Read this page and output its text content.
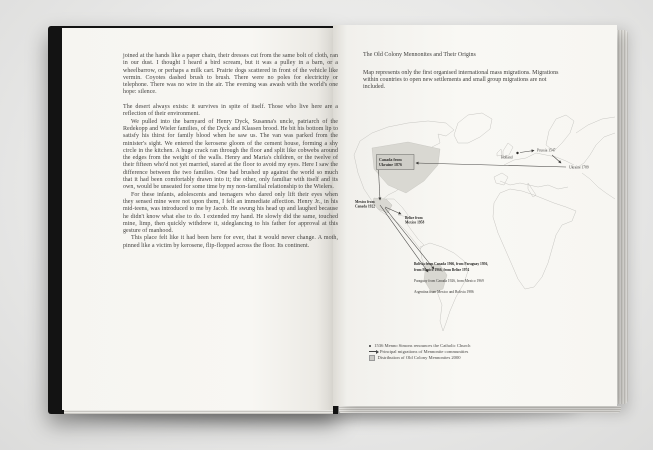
joined at the hands like a paper chain, their dresses cut from the same bolt of cloth, ran in our dust. I thought I heard a bird scream, but it was a pulley in a barn, or a wheelbarrow, or perhaps a milk cart. Prairie dogs scattered in front of the vehicle like vermin. Coyotes dashed brush to brush. There were no poles for electricity or telephone. There was no wire in the air. The evening was awash with the world's one hope: silence.

The desert always exists: it survives in spite of itself. Those who live here are a reflection of their environment.

We pulled into the barnyard of Henry Dyck, Susanna's uncle, patriarch of the Redekopp and Wieler families, of the Dyck and Klassen brood. He bit his bottom lip to satisfy his thirst for family blood when he saw us. The van was parked from the minister's sight. We entered the kerosene gloom of the cement house, forming a shy circle in the kitchen. A huge crack ran through the floor and split like cobwebs around the edges from the weight of the walls. Henry and Maria's children, or the twelve of their fifteen who'd not yet married, stared at the floor to avoid my eyes. Here I saw the difference between the two families. One had brushed up against the world so much that it had been comfortably drawn into it; the other, only familiar with itself and its own, would be unseated for some time by my non-familial relationship to the Wielers.

For these infants, adolescents and teenagers who dared only lift their eyes when they sensed mine were not upon them, I felt an immediate affection. Henry Jr., in his mid-teens, was introduced to me by Jacob. He swung his head up and laughed because he didn't know what else to do. I extended my hand. He slowly did the same, touched mine, limp, then quickly withdrew it, sideglancing to his father for approval at this gesture of manhood.

This place felt like it had been here for ever, that it would never change. A moth, pinned like a victim by kerosene, flip-flopped across the floor. Its continent.

The Old Colony Mennonites and Their Origins
Map represents only the first organised international mass migrations. Migrations within countries to open new settlements and small group migrations are not included.
Canada from
Ukraine 1876
Holland
Prussia 1547
Ukraine 1789
Mexico from
Canada 1922
Belize from
Mexico 1958
Bolivia from Canada 1966, from Paraguay 1956,
from Mexico 1966, from Belize 1974
Paraguay from Canada 1926, from Mexico 1969
Argentina from Mexico and Bolivia 1986
1536 Menno Simons renounces the Catholic Church
Principal migrations of Mennonite communities
Distribution of Old Colony Mennonites 2000
